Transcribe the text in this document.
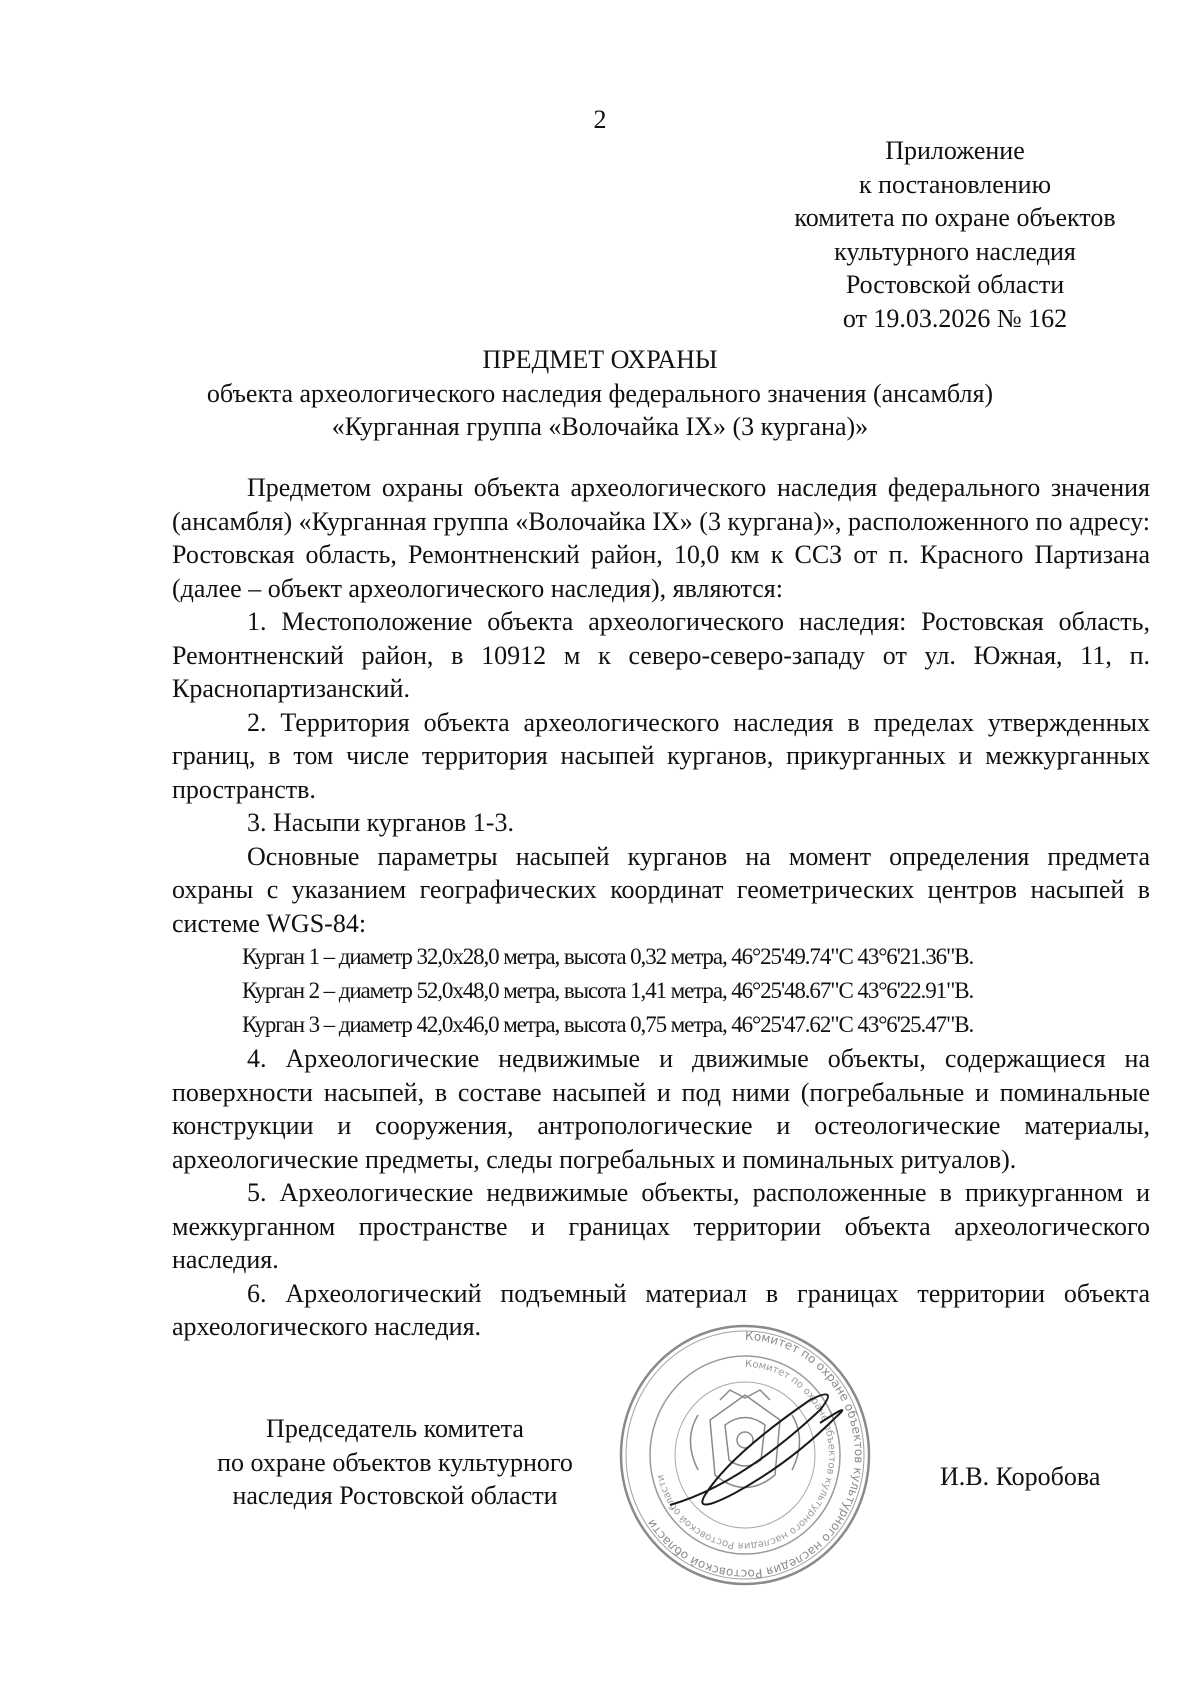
2
Приложение
к постановлению
комитета по охране объектов
культурного наследия
Ростовской области
от 19.03.2026 № 162
ПРЕДМЕТ ОХРАНЫ
объекта археологического наследия федерального значения (ансамбля)
«Курганная группа «Волочайка IX» (3 кургана)»

Предметом охраны объекта археологического наследия федерального значения (ансамбля) «Курганная группа «Волочайка IX» (3 кургана)», расположенного по адресу: Ростовская область, Ремонтненский район, 10,0 км к ССЗ от п. Красного Партизана (далее – объект археологического наследия), являются:

1. Местоположение объекта археологического наследия: Ростовская область, Ремонтненский район, в 10912 м к северо-северо-западу от ул. Южная, 11, п. Краснопартизанский.

2. Территория объекта археологического наследия в пределах утвержденных границ, в том числе территория насыпей курганов, прикурганных и межкурганных пространств.

3. Насыпи курганов 1-3.

Основные параметры насыпей курганов на момент определения предмета охраны с указанием географических координат геометрических центров насыпей в системе WGS-84:

Курган 1 – диаметр 32,0х28,0 метра, высота 0,32 метра, 46°25'49.74"С 43°6'21.36"В.
Курган 2 – диаметр 52,0х48,0 метра, высота 1,41 метра, 46°25'48.67"С 43°6'22.91"В.
Курган 3 – диаметр 42,0х46,0 метра, высота 0,75 метра, 46°25'47.62"С 43°6'25.47"В.

4. Археологические недвижимые и движимые объекты, содержащиеся на поверхности насыпей, в составе насыпей и под ними (погребальные и поминальные конструкции и сооружения, антропологические и остеологические материалы, археологические предметы, следы погребальных и поминальных ритуалов).

5. Археологические недвижимые объекты, расположенные в прикурганном и межкурганном пространстве и границах территории объекта археологического наследия.

6. Археологический подъемный материал в границах территории объекта археологического наследия.

Председатель комитета
по охране объектов культурного
наследия Ростовской области
Комитет по охране объектов культурного наследия Ростовской области
Комитет по охране объектов культурного наследия Ростовской области	И.В. Коробова
